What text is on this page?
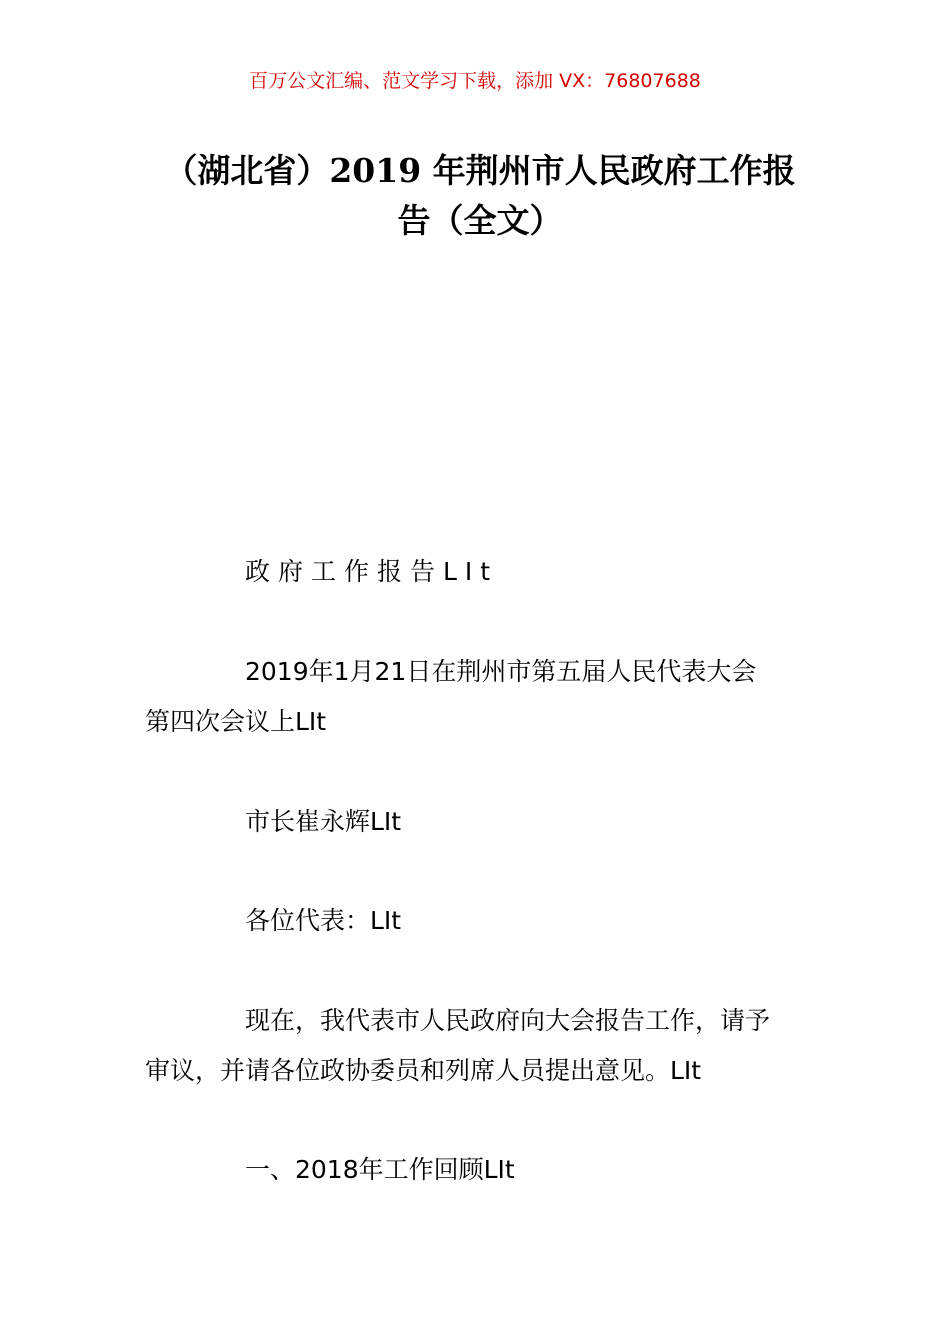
百万公文汇编、范文学习下载，添加 VX：76807688
（湖北省）2019 年荆州市人民政府工作报
告（全文）

政府工作报告LIt

2019年1月21日在荆州市第五届人民代表大会
第四次会议上LIt

市长崔永辉LIt

各位代表：LIt

现在，我代表市人民政府向大会报告工作，请予
审议，并请各位政协委员和列席人员提出意见。LIt

一、2018年工作回顾LIt
